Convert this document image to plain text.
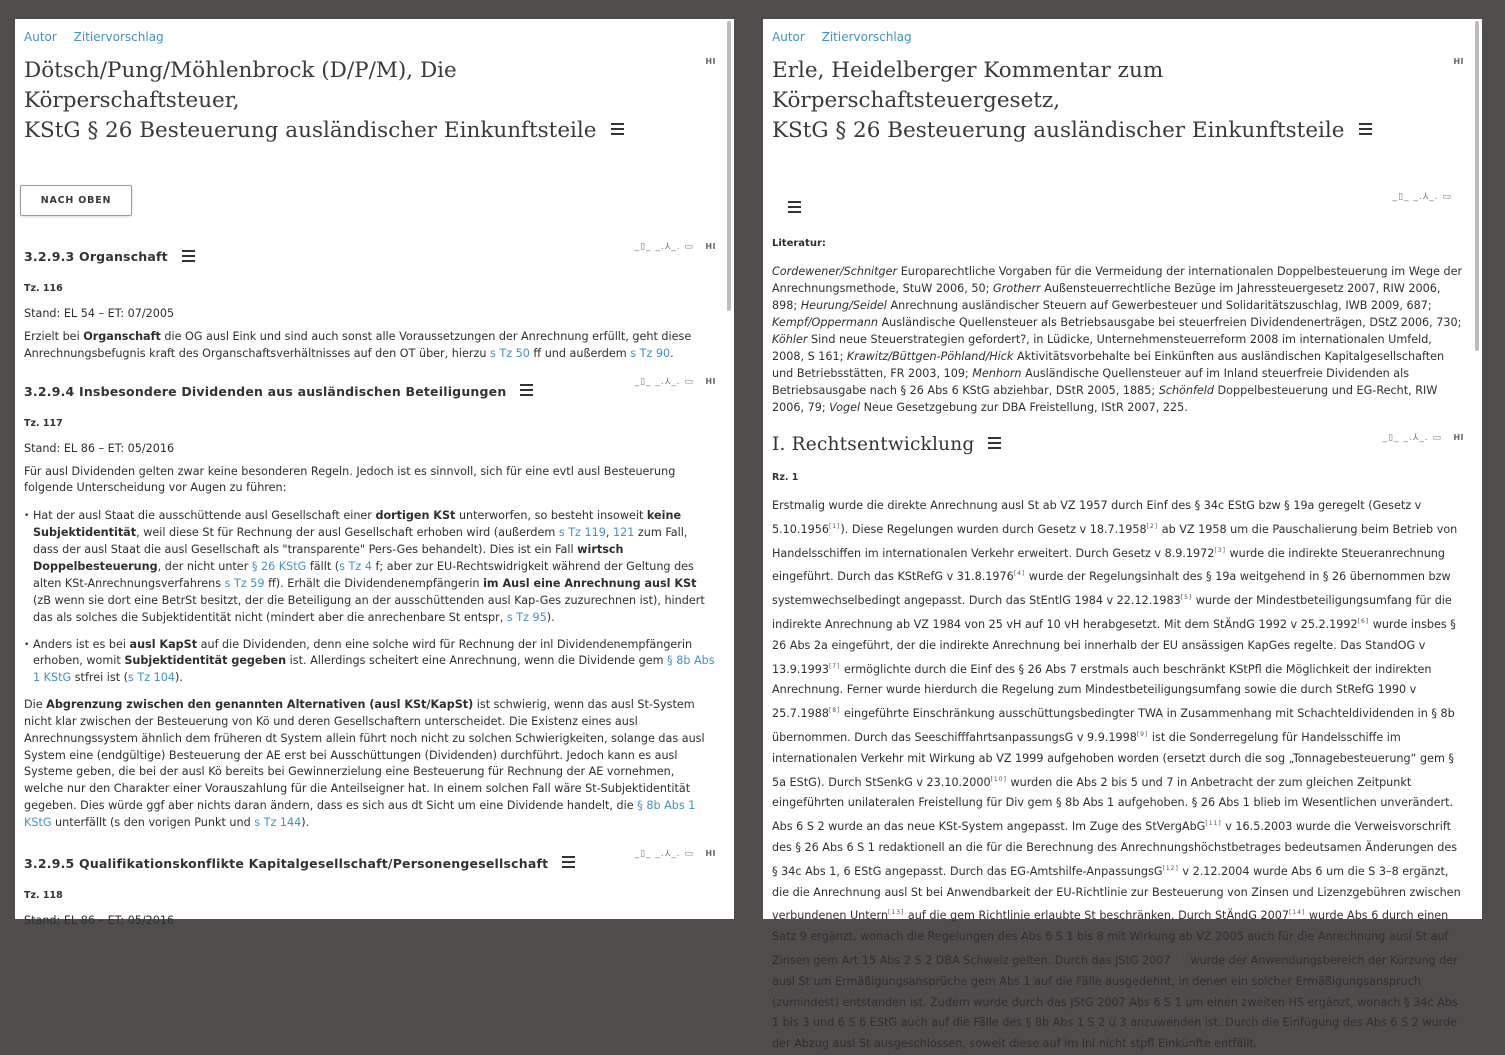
Autor Zitiervorschlag
HI
Dötsch/Pung/Möhlenbrock (D/P/M), Die Körperschaftsteuer,
KStG § 26 Besteuerung ausländischer Einkunftsteile
NACH OBEN
_▯_ _.⅄_. ▭ HI
3.2.9.3 Organschaft
Tz. 116
Stand: EL 54 – ET: 07/2005

Erzielt bei Organschaft die OG ausl Eink und sind auch sonst alle Voraussetzungen der Anrechnung erfüllt, geht diese Anrechnungsbefugnis kraft des Organschaftsverhältnisses auf den OT über, hierzu s Tz 50 ff und außerdem s Tz 90.

_▯_ _.⅄_. ▭ HI
3.2.9.4 Insbesondere Dividenden aus ausländischen Beteiligungen
Tz. 117
Stand: EL 86 – ET: 05/2016

Für ausl Dividenden gelten zwar keine besonderen Regeln. Jedoch ist es sinnvoll, sich für eine evtl ausl Besteuerung folgende Unterscheidung vor Augen zu führen:

• Hat der ausl Staat die ausschüttende ausl Gesellschaft einer dortigen KSt unterworfen, so besteht insoweit keine Subjektidentität, weil diese St für Rechnung der ausl Gesellschaft erhoben wird (außerdem s Tz 119, 121 zum Fall, dass der ausl Staat die ausl Gesellschaft als "transparente" Pers-Ges behandelt). Dies ist ein Fall wirtsch Doppelbesteuerung, der nicht unter § 26 KStG fällt (s Tz 4 f; aber zur EU-Rechtswidrigkeit während der Geltung des alten KSt-Anrechnungsverfahrens s Tz 59 ff). Erhält die Dividendenempfängerin im Ausl eine Anrechnung ausl KSt (zB wenn sie dort eine BetrSt besitzt, der die Beteiligung an der ausschüttenden ausl Kap-Ges zuzurechnen ist), hindert das als solches die Subjektidentität nicht (mindert aber die anrechenbare St entspr, s Tz 95).
• Anders ist es bei ausl KapSt auf die Dividenden, denn eine solche wird für Rechnung der inl Dividendenempfängerin erhoben, womit Subjektidentität gegeben ist. Allerdings scheitert eine Anrechnung, wenn die Dividende gem § 8b Abs 1 KStG stfrei ist (s Tz 104).

Die Abgrenzung zwischen den genannten Alternativen (ausl KSt/KapSt) ist schwierig, wenn das ausl St-System nicht klar zwischen der Besteuerung von Kö und deren Gesellschaftern unterscheidet. Die Existenz eines ausl Anrechnungssystem ähnlich dem früheren dt System allein führt noch nicht zu solchen Schwierigkeiten, solange das ausl System eine (endgültige) Besteuerung der AE erst bei Ausschüttungen (Dividenden) durchführt. Jedoch kann es ausl Systeme geben, die bei der ausl Kö bereits bei Gewinnerzielung eine Besteuerung für Rechnung der AE vornehmen, welche nur den Charakter einer Vorauszahlung für die Anteilseigner hat. In einem solchen Fall wäre St-Subjektidentität gegeben. Dies würde ggf aber nichts daran ändern, dass es sich aus dt Sicht um eine Dividende handelt, die § 8b Abs 1 KStG unterfällt (s den vorigen Punkt und s Tz 144).

_▯_ _.⅄_. ▭ HI
3.2.9.5 Qualifikationskonflikte Kapitalgesellschaft/Personengesellschaft
Tz. 118
Stand: EL 86 – ET: 05/2016
Autor Zitiervorschlag
HI
Erle, Heidelberger Kommentar zum Körperschaftsteuergesetz,
KStG § 26 Besteuerung ausländischer Einkunftsteile
_▯_ _.⅄_. ▭
Literatur:

Cordewener/Schnitger Europarechtliche Vorgaben für die Vermeidung der internationalen Doppelbesteuerung im Wege der Anrechnungsmethode, StuW 2006, 50; Grotherr Außensteuerrechtliche Bezüge im Jahressteuergesetz 2007, RIW 2006, 898; Heurung/Seidel Anrechnung ausländischer Steuern auf Gewerbesteuer und Solidaritätszuschlag, IWB 2009, 687; Kempf/Oppermann Ausländische Quellensteuer als Betriebsausgabe bei steuerfreien Dividendenerträgen, DStZ 2006, 730; Köhler Sind neue Steuerstrategien gefordert?, in Lüdicke, Unternehmensteuerreform 2008 im internationalen Umfeld, 2008, S 161; Krawitz/Büttgen-Pöhland/Hick Aktivitätsvorbehalte bei Einkünften aus ausländischen Kapitalgesellschaften und Betriebsstätten, FR 2003, 109; Menhorn Ausländische Quellensteuer auf im Inland steuerfreie Dividenden als Betriebsausgabe nach § 26 Abs 6 KStG abziehbar, DStR 2005, 1885; Schönfeld Doppelbesteuerung und EG-Recht, RIW 2006, 79; Vogel Neue Gesetzgebung zur DBA Freistellung, IStR 2007, 225.

_▯_ _.⅄_. ▭ HI
I. Rechtsentwicklung
Rz. 1

Erstmalig wurde die direkte Anrechnung ausl St ab VZ 1957 durch Einf des § 34c EStG bzw § 19a geregelt (Gesetz v 5.10.1956[1]). Diese Regelungen wurden durch Gesetz v 18.7.1958[2] ab VZ 1958 um die Pauschalierung beim Betrieb von Handelsschiffen im internationalen Verkehr erweitert. Durch Gesetz v 8.9.1972[3] wurde die indirekte Steueranrechnung eingeführt. Durch das KStRefG v 31.8.1976[4] wurde der Regelungsinhalt des § 19a weitgehend in § 26 übernommen bzw systemwechselbedingt angepasst. Durch das StEntlG 1984 v 22.12.1983[5] wurde der Mindestbeteiligungsumfang für die indirekte Anrechnung ab VZ 1984 von 25 vH auf 10 vH herabgesetzt. Mit dem StÄndG 1992 v 25.2.1992[6] wurde insbes § 26 Abs 2a eingeführt, der die indirekte Anrechnung bei innerhalb der EU ansässigen KapGes regelte. Das StandOG v 13.9.1993[7] ermöglichte durch die Einf des § 26 Abs 7 erstmals auch beschränkt KStPfl die Möglichkeit der indirekten Anrechnung. Ferner wurde hierdurch die Regelung zum Mindestbeteiligungsumfang sowie die durch StRefG 1990 v 25.7.1988[8] eingeführte Einschränkung ausschüttungsbedingter TWA in Zusammenhang mit Schachteldividenden in § 8b übernommen. Durch das SeeschifffahrtsanpassungsG v 9.9.1998[9] ist die Sonderregelung für Handelsschiffe im internationalen Verkehr mit Wirkung ab VZ 1999 aufgehoben worden (ersetzt durch die sog „Tonnagebesteuerung“ gem § 5a EStG). Durch StSenkG v 23.10.2000[10] wurden die Abs 2 bis 5 und 7 in Anbetracht der zum gleichen Zeitpunkt eingeführten unilateralen Freistellung für Div gem § 8b Abs 1 aufgehoben. § 26 Abs 1 blieb im Wesentlichen unverändert. Abs 6 S 2 wurde an das neue KSt-System angepasst. Im Zuge des StVergAbG[11] v 16.5.2003 wurde die Verweisvorschrift des § 26 Abs 6 S 1 redaktionell an die für die Berechnung des Anrechnungshöchstbetrages bedeutsamen Änderungen des § 34c Abs 1, 6 EStG angepasst. Durch das EG-Amtshilfe-AnpassungsG[12] v 2.12.2004 wurde Abs 6 um die S 3–8 ergänzt, die die Anrechnung ausl St bei Anwendbarkeit der EU-Richtlinie zur Besteuerung von Zinsen und Lizenzgebühren zwischen verbundenen Untern[13] auf die gem Richtlinie erlaubte St beschränken. Durch StÄndG 2007[14] wurde Abs 6 durch einen Satz 9 ergänzt, wonach die Regelungen des Abs 6 S 1 bis 8 mit Wirkung ab VZ 2005 auch für die Anrechnung ausl St auf Zinsen gem Art 15 Abs 2 S 2 DBA Schweiz gelten. Durch das JStG 2007[15] wurde der Anwendungsbereich der Kürzung der ausl St um Ermäßigungsansprüche gem Abs 1 auf die Fälle ausgedehnt, in denen ein solcher Ermäßigungsanspruch (zumindest) entstanden ist. Zudem wurde durch das JStG 2007 Abs 6 S 1 um einen zweiten HS ergänzt, wonach § 34c Abs 1 bis 3 und 6 S 6 EStG auch auf die Fälle des § 8b Abs 1 S 2 u 3 anzuwenden ist. Durch die Einfügung des Abs 6 S 2 wurde der Abzug ausl St ausgeschlossen, soweit diese auf im Inl nicht stpfl Einkünfte entfällt.
